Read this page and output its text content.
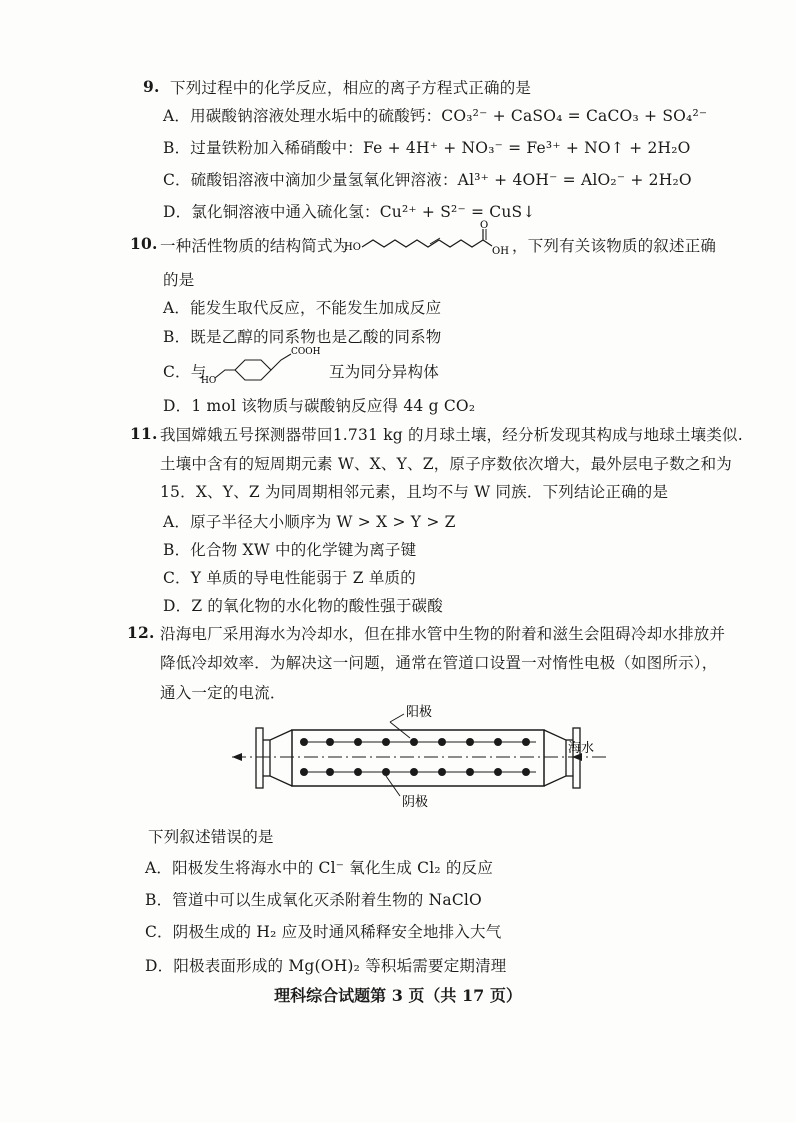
9. 下列过程中的化学反应，相应的离子方程式正确的是
A．用碳酸钠溶液处理水垢中的硫酸钙：CO₃²⁻ + CaSO₄ = CaCO₃ + SO₄²⁻
B．过量铁粉加入稀硝酸中：Fe + 4H⁺ + NO₃⁻ = Fe³⁺ + NO↑ + 2H₂O
C．硫酸铝溶液中滴加少量氢氧化钾溶液：Al³⁺ + 4OH⁻ = AlO₂⁻ + 2H₂O
D．氯化铜溶液中通入硫化氢：Cu²⁺ + S²⁻ = CuS↓
10. 一种活性物质的结构简式为
HO
O
OH ，下列有关该物质的叙述正确
的是
A．能发生取代反应，不能发生加成反应
B．既是乙醇的同系物也是乙酸的同系物
C．与
HO
COOH
互为同分异构体
D．1 mol 该物质与碳酸钠反应得 44 g CO₂
11. 我国嫦娥五号探测器带回1.731 kg 的月球土壤，经分析发现其构成与地球土壤类似.
土壤中含有的短周期元素 W、X、Y、Z，原子序数依次增大，最外层电子数之和为
15．X、Y、Z 为同周期相邻元素，且均不与 W 同族．下列结论正确的是
A．原子半径大小顺序为 W > X > Y > Z
B．化合物 XW 中的化学键为离子键
C．Y 单质的导电性能弱于 Z 单质的
D．Z 的氧化物的水化物的酸性强于碳酸
12. 沿海电厂采用海水为冷却水，但在排水管中生物的附着和滋生会阻碍冷却水排放并
降低冷却效率．为解决这一问题，通常在管道口设置一对惰性电极（如图所示），
通入一定的电流．
阳极
阴极
海水
下列叙述错误的是
A．阳极发生将海水中的 Cl⁻ 氧化生成 Cl₂ 的反应
B．管道中可以生成氧化灭杀附着生物的 NaClO
C．阴极生成的 H₂ 应及时通风稀释安全地排入大气
D．阳极表面形成的 Mg(OH)₂ 等积垢需要定期清理
理科综合试题第 3 页（共 17 页）
